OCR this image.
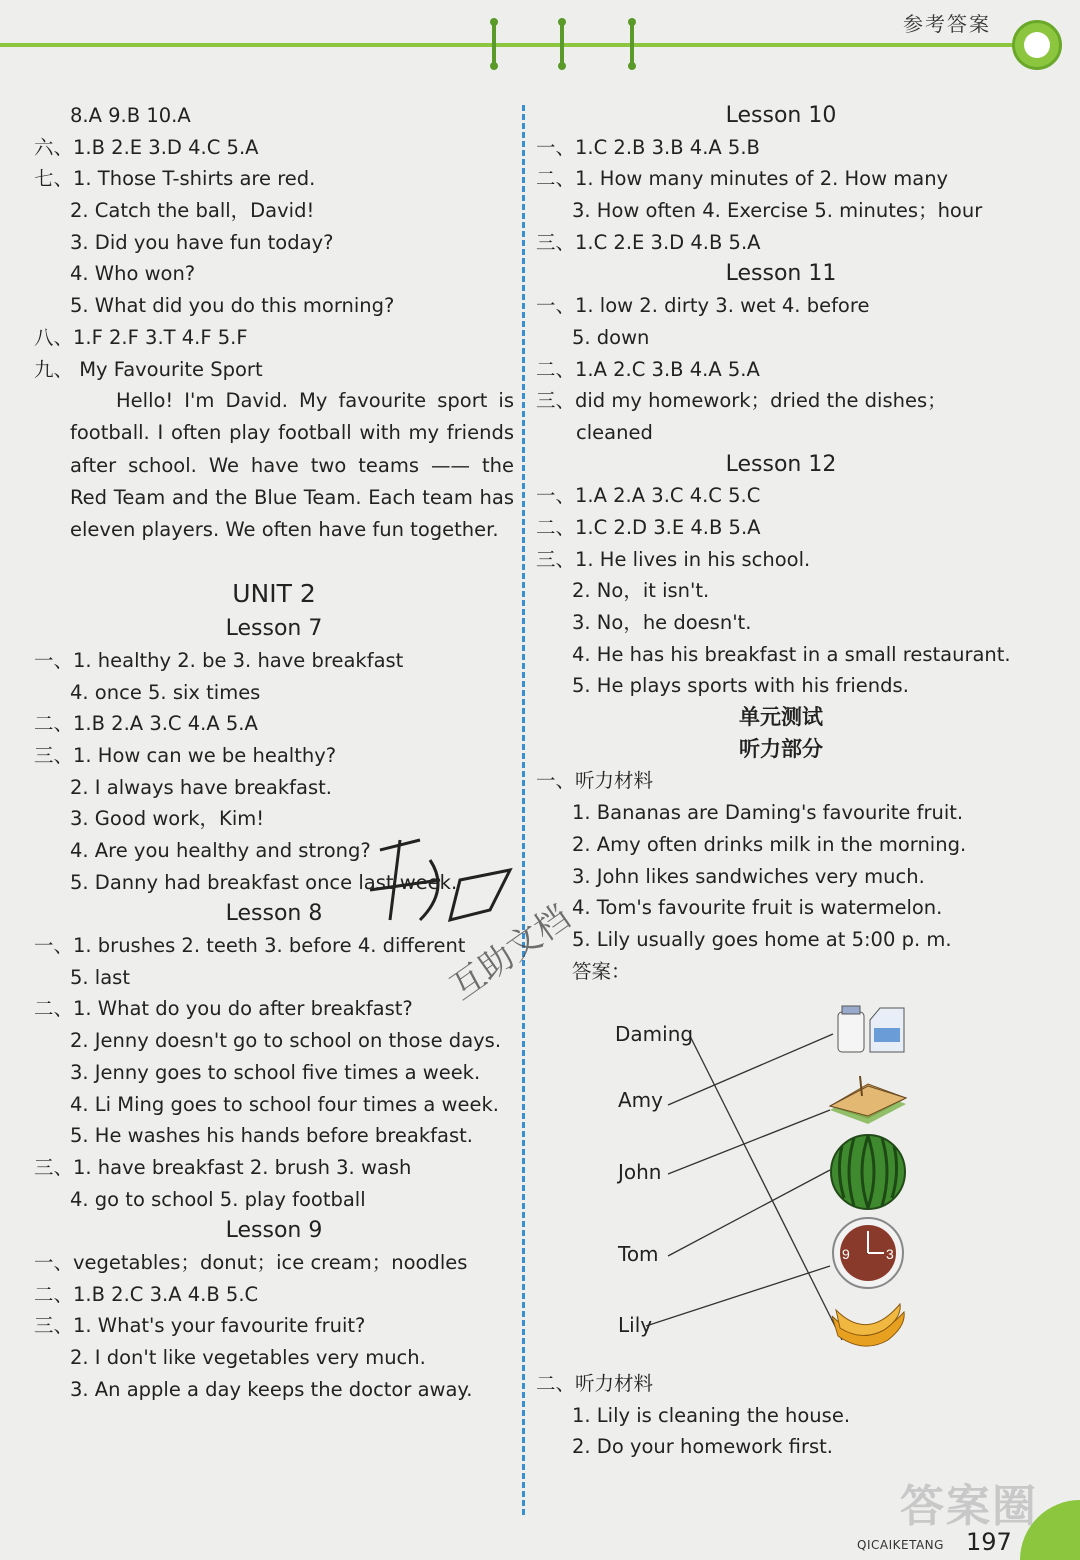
参考答案
8.A 9.B 10.A
六、1.B 2.E 3.D 4.C 5.A
七、1. Those T-shirts are red.
2. Catch the ball，David!
3. Did you have fun today?
4. Who won?
5. What did you do this morning?
八、1.F 2.F 3.T 4.F 5.F
九、 My Favourite Sport
Hello! I'm David. My favourite sport is football. I often play football with my friends after school. We have two teams —— the Red Team and the Blue Team. Each team has eleven players. We often have fun together.
UNIT 2
Lesson 7
一、1. healthy 2. be 3. have breakfast
4. once 5. six times
二、1.B 2.A 3.C 4.A 5.A
三、1. How can we be healthy?
2. I always have breakfast.
3. Good work，Kim!
4. Are you healthy and strong?
5. Danny had breakfast once last week.
Lesson 8
一、1. brushes 2. teeth 3. before 4. different
5. last
二、1. What do you do after breakfast?
2. Jenny doesn't go to school on those days.
3. Jenny goes to school five times a week.
4. Li Ming goes to school four times a week.
5. He washes his hands before breakfast.
三、1. have breakfast 2. brush 3. wash
4. go to school 5. play football
Lesson 9
一、vegetables；donut；ice cream；noodles
二、1.B 2.C 3.A 4.B 5.C
三、1. What's your favourite fruit?
2. I don't like vegetables very much.
3. An apple a day keeps the doctor away.
Lesson 10
一、1.C 2.B 3.B 4.A 5.B
二、1. How many minutes of 2. How many
3. How often 4. Exercise 5. minutes；hour
三、1.C 2.E 3.D 4.B 5.A
Lesson 11
一、1. low 2. dirty 3. wet 4. before
5. down
二、1.A 2.C 3.B 4.A 5.A
三、did my homework；dried the dishes；
cleaned
Lesson 12
一、1.A 2.A 3.C 4.C 5.C
二、1.C 2.D 3.E 4.B 5.A
三、1. He lives in his school.
2. No，it isn't.
3. No，he doesn't.
4. He has his breakfast in a small restaurant.
5. He plays sports with his friends.
单元测试
听力部分
一、听力材料
1. Bananas are Daming's favourite fruit.
2. Amy often drinks milk in the morning.
3. John likes sandwiches very much.
4. Tom's favourite fruit is watermelon.
5. Lily usually goes home at 5:00 p. m.
答案：
Daming
Amy
John
Tom
Lily
9	3
二、听力材料
1. Lily is cleaning the house.
2. Do your homework first.
互助文档
答案圈
QICAIKETANG 197
